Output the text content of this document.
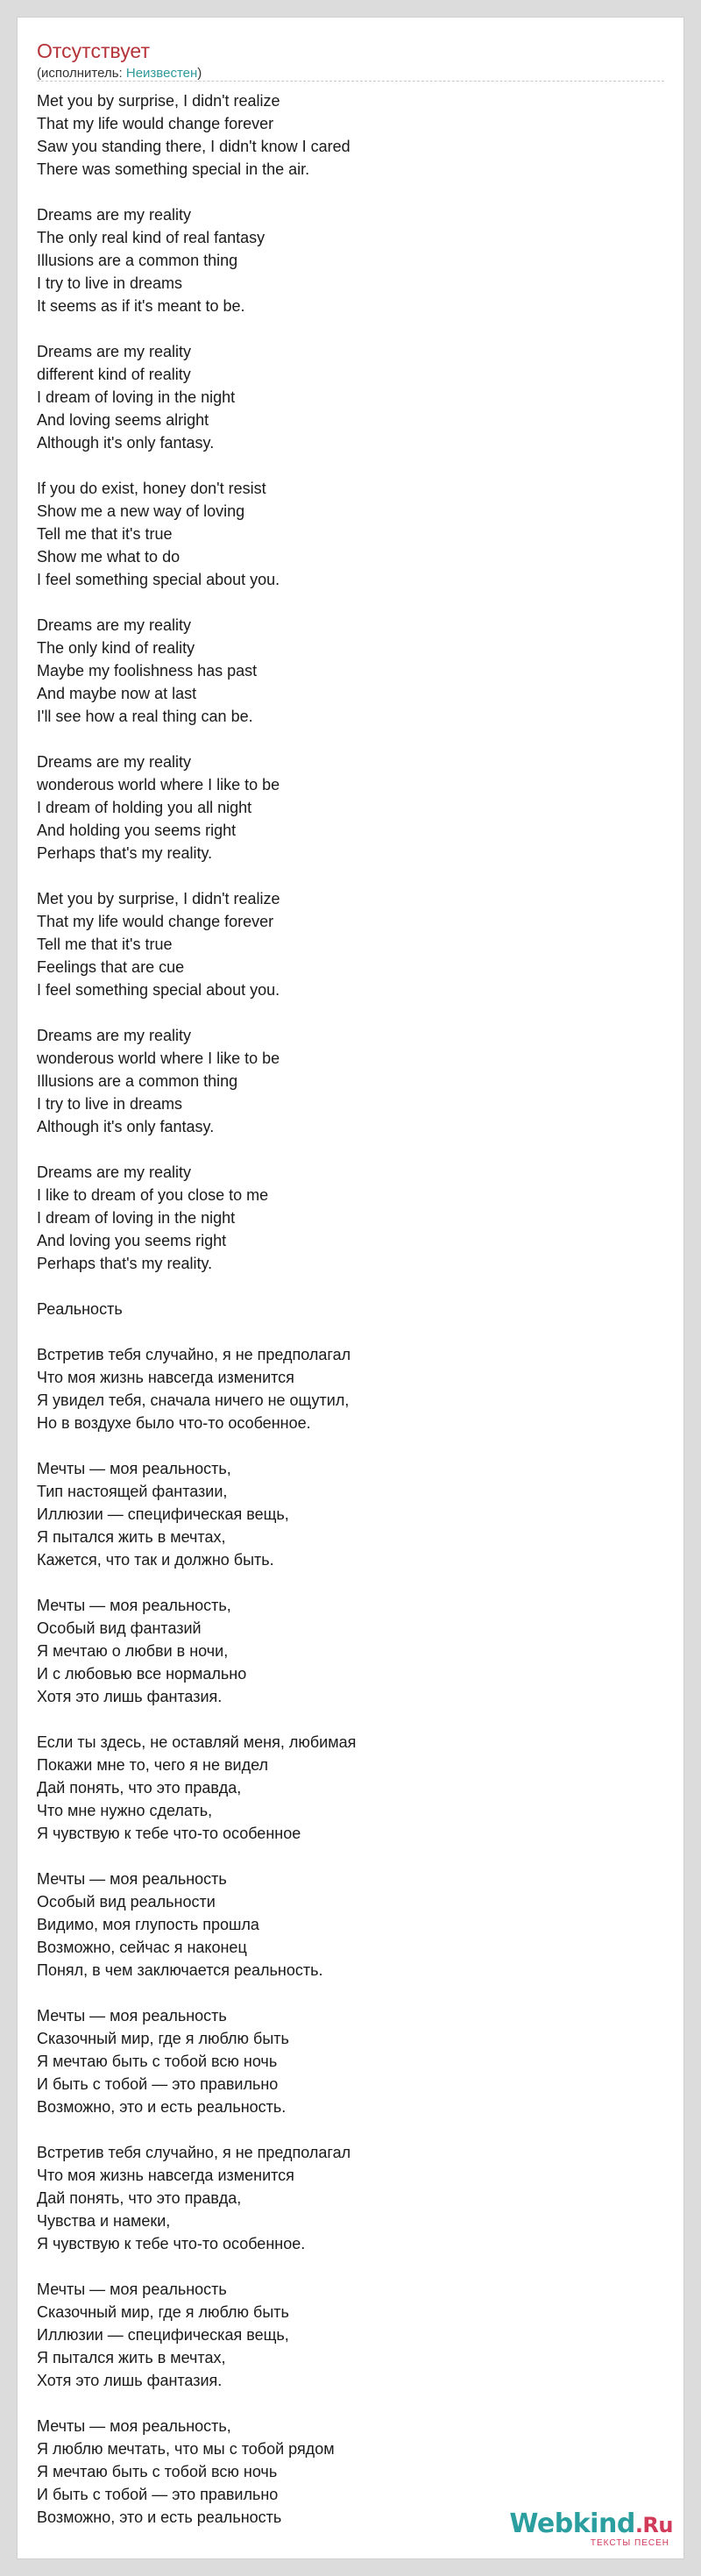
Отсутствует
(исполнитель: Неизвестен)
Met you by surprise, I didn't realize
That my life would change forever
Saw you standing there, I didn't know I cared
There was something special in the air.
Dreams are my reality
The only real kind of real fantasy
Illusions are a common thing
I try to live in dreams
It seems as if it's meant to be.
Dreams are my reality
different kind of reality
I dream of loving in the night
And loving seems alright
Although it's only fantasy.
If you do exist, honey don't resist
Show me a new way of loving
Tell me that it's true
Show me what to do
I feel something special about you.
Dreams are my reality
The only kind of reality
Maybe my foolishness has past
And maybe now at last
I'll see how a real thing can be.
Dreams are my reality
wonderous world where I like to be
I dream of holding you all night
And holding you seems right
Perhaps that's my reality.
Met you by surprise, I didn't realize
That my life would change forever
Tell me that it's true
Feelings that are cue
I feel something special about you.
Dreams are my reality
wonderous world where I like to be
Illusions are a common thing
I try to live in dreams
Although it's only fantasy.
Dreams are my reality
I like to dream of you close to me
I dream of loving in the night
And loving you seems right
Perhaps that's my reality.
Реальность
Встретив тебя случайно, я не предполагал
Что моя жизнь навсегда изменится
Я увидел тебя, сначала ничего не ощутил,
Но в воздухе было что-то особенное.
Мечты — моя реальность,
Тип настоящей фантазии,
Иллюзии — специфическая вещь,
Я пытался жить в мечтах,
Кажется, что так и должно быть.
Мечты — моя реальность,
Особый вид фантазий
Я мечтаю о любви в ночи,
И с любовью все нормально
Хотя это лишь фантазия.
Если ты здесь, не оставляй меня, любимая
Покажи мне то, чего я не видел
Дай понять, что это правда,
Что мне нужно сделать,
Я чувствую к тебе что-то особенное
Мечты — моя реальность
Особый вид реальности
Видимо, моя глупость прошла
Возможно, сейчас я наконец
Понял, в чем заключается реальность.
Мечты — моя реальность
Сказочный мир, где я люблю быть
Я мечтаю быть с тобой всю ночь
И быть с тобой — это правильно
Возможно, это и есть реальность.
Встретив тебя случайно, я не предполагал
Что моя жизнь навсегда изменится
Дай понять, что это правда,
Чувства и намеки,
Я чувствую к тебе что-то особенное.
Мечты — моя реальность
Сказочный мир, где я люблю быть
Иллюзии — специфическая вещь,
Я пытался жить в мечтах,
Хотя это лишь фантазия.
Мечты — моя реальность,
Я люблю мечтать, что мы с тобой рядом
Я мечтаю быть с тобой всю ночь
И быть с тобой — это правильно
Возможно, это и есть реальность	Webkind.Ru
ТЕКСТЫ ПЕСЕН
